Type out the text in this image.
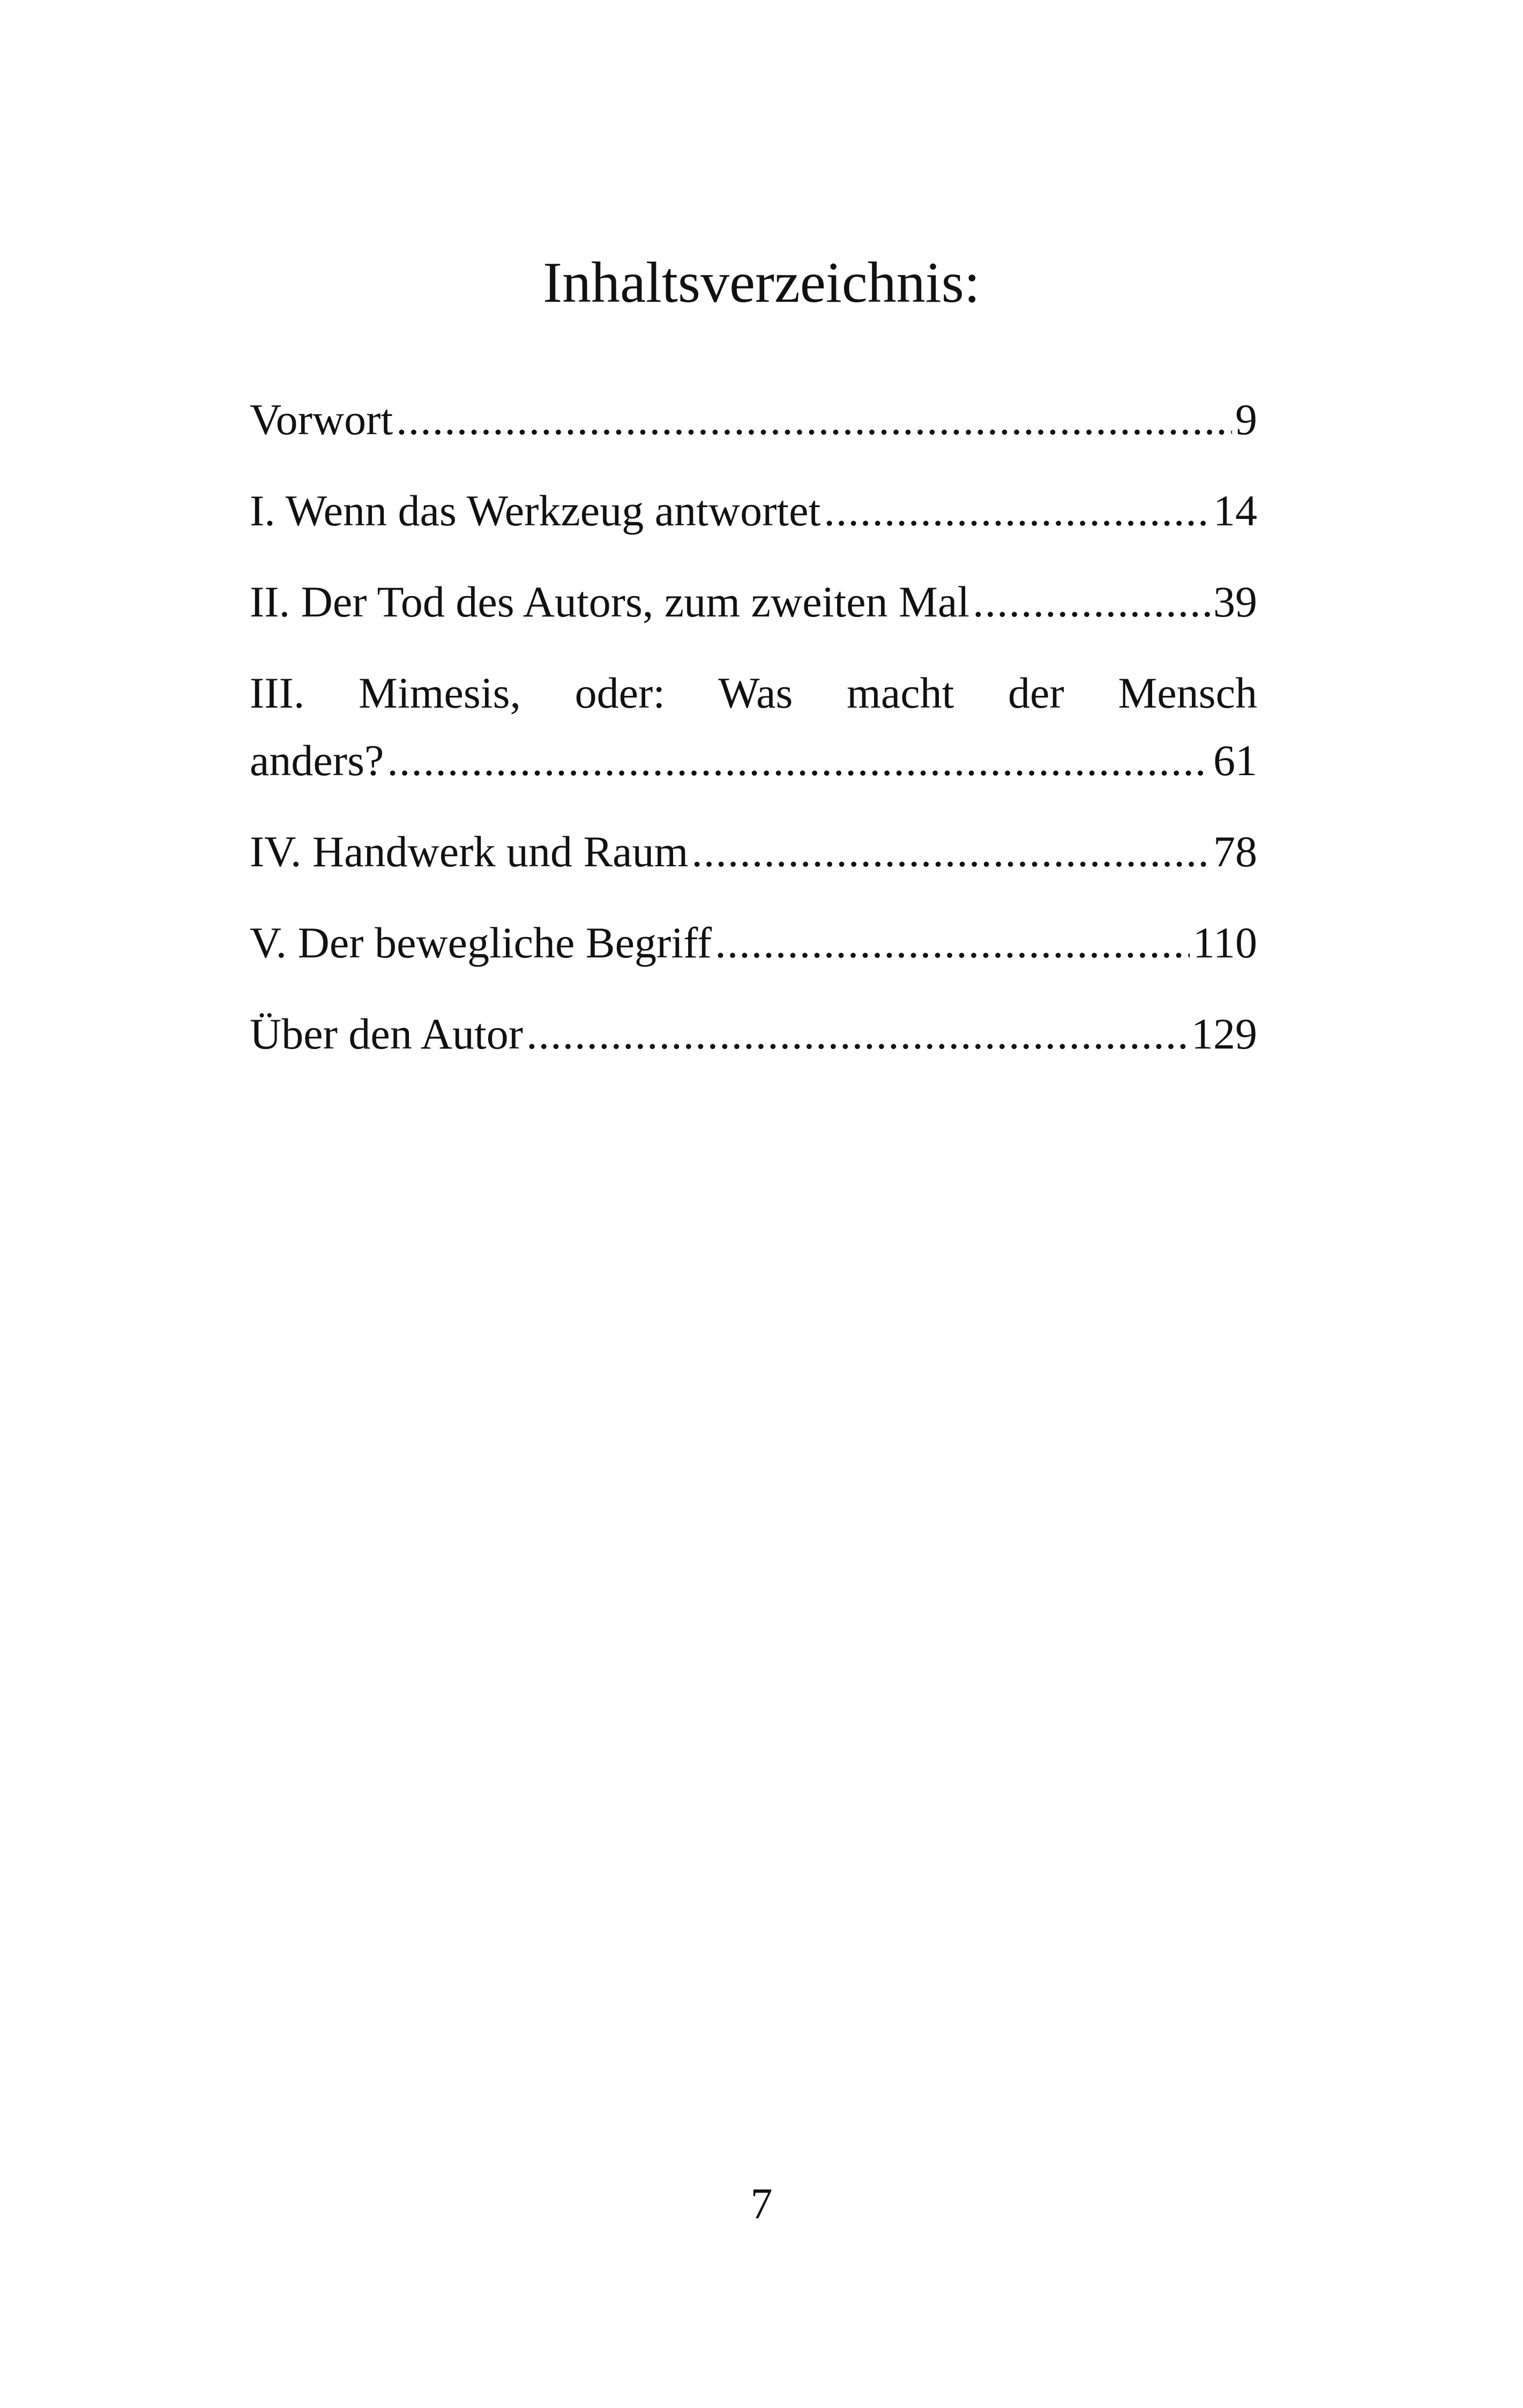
Inhaltsverzeichnis:
Vorwort .....	9
I. Wenn das Werkzeug antwortet .....	14
II. Der Tod des Autors, zum zweiten Mal .....	39
III. Mimesis, oder: Was macht der Mensch
anders? .....	61
IV. Handwerk und Raum .....	78
V. Der bewegliche Begriff .....	110
Über den Autor .....	129
7
